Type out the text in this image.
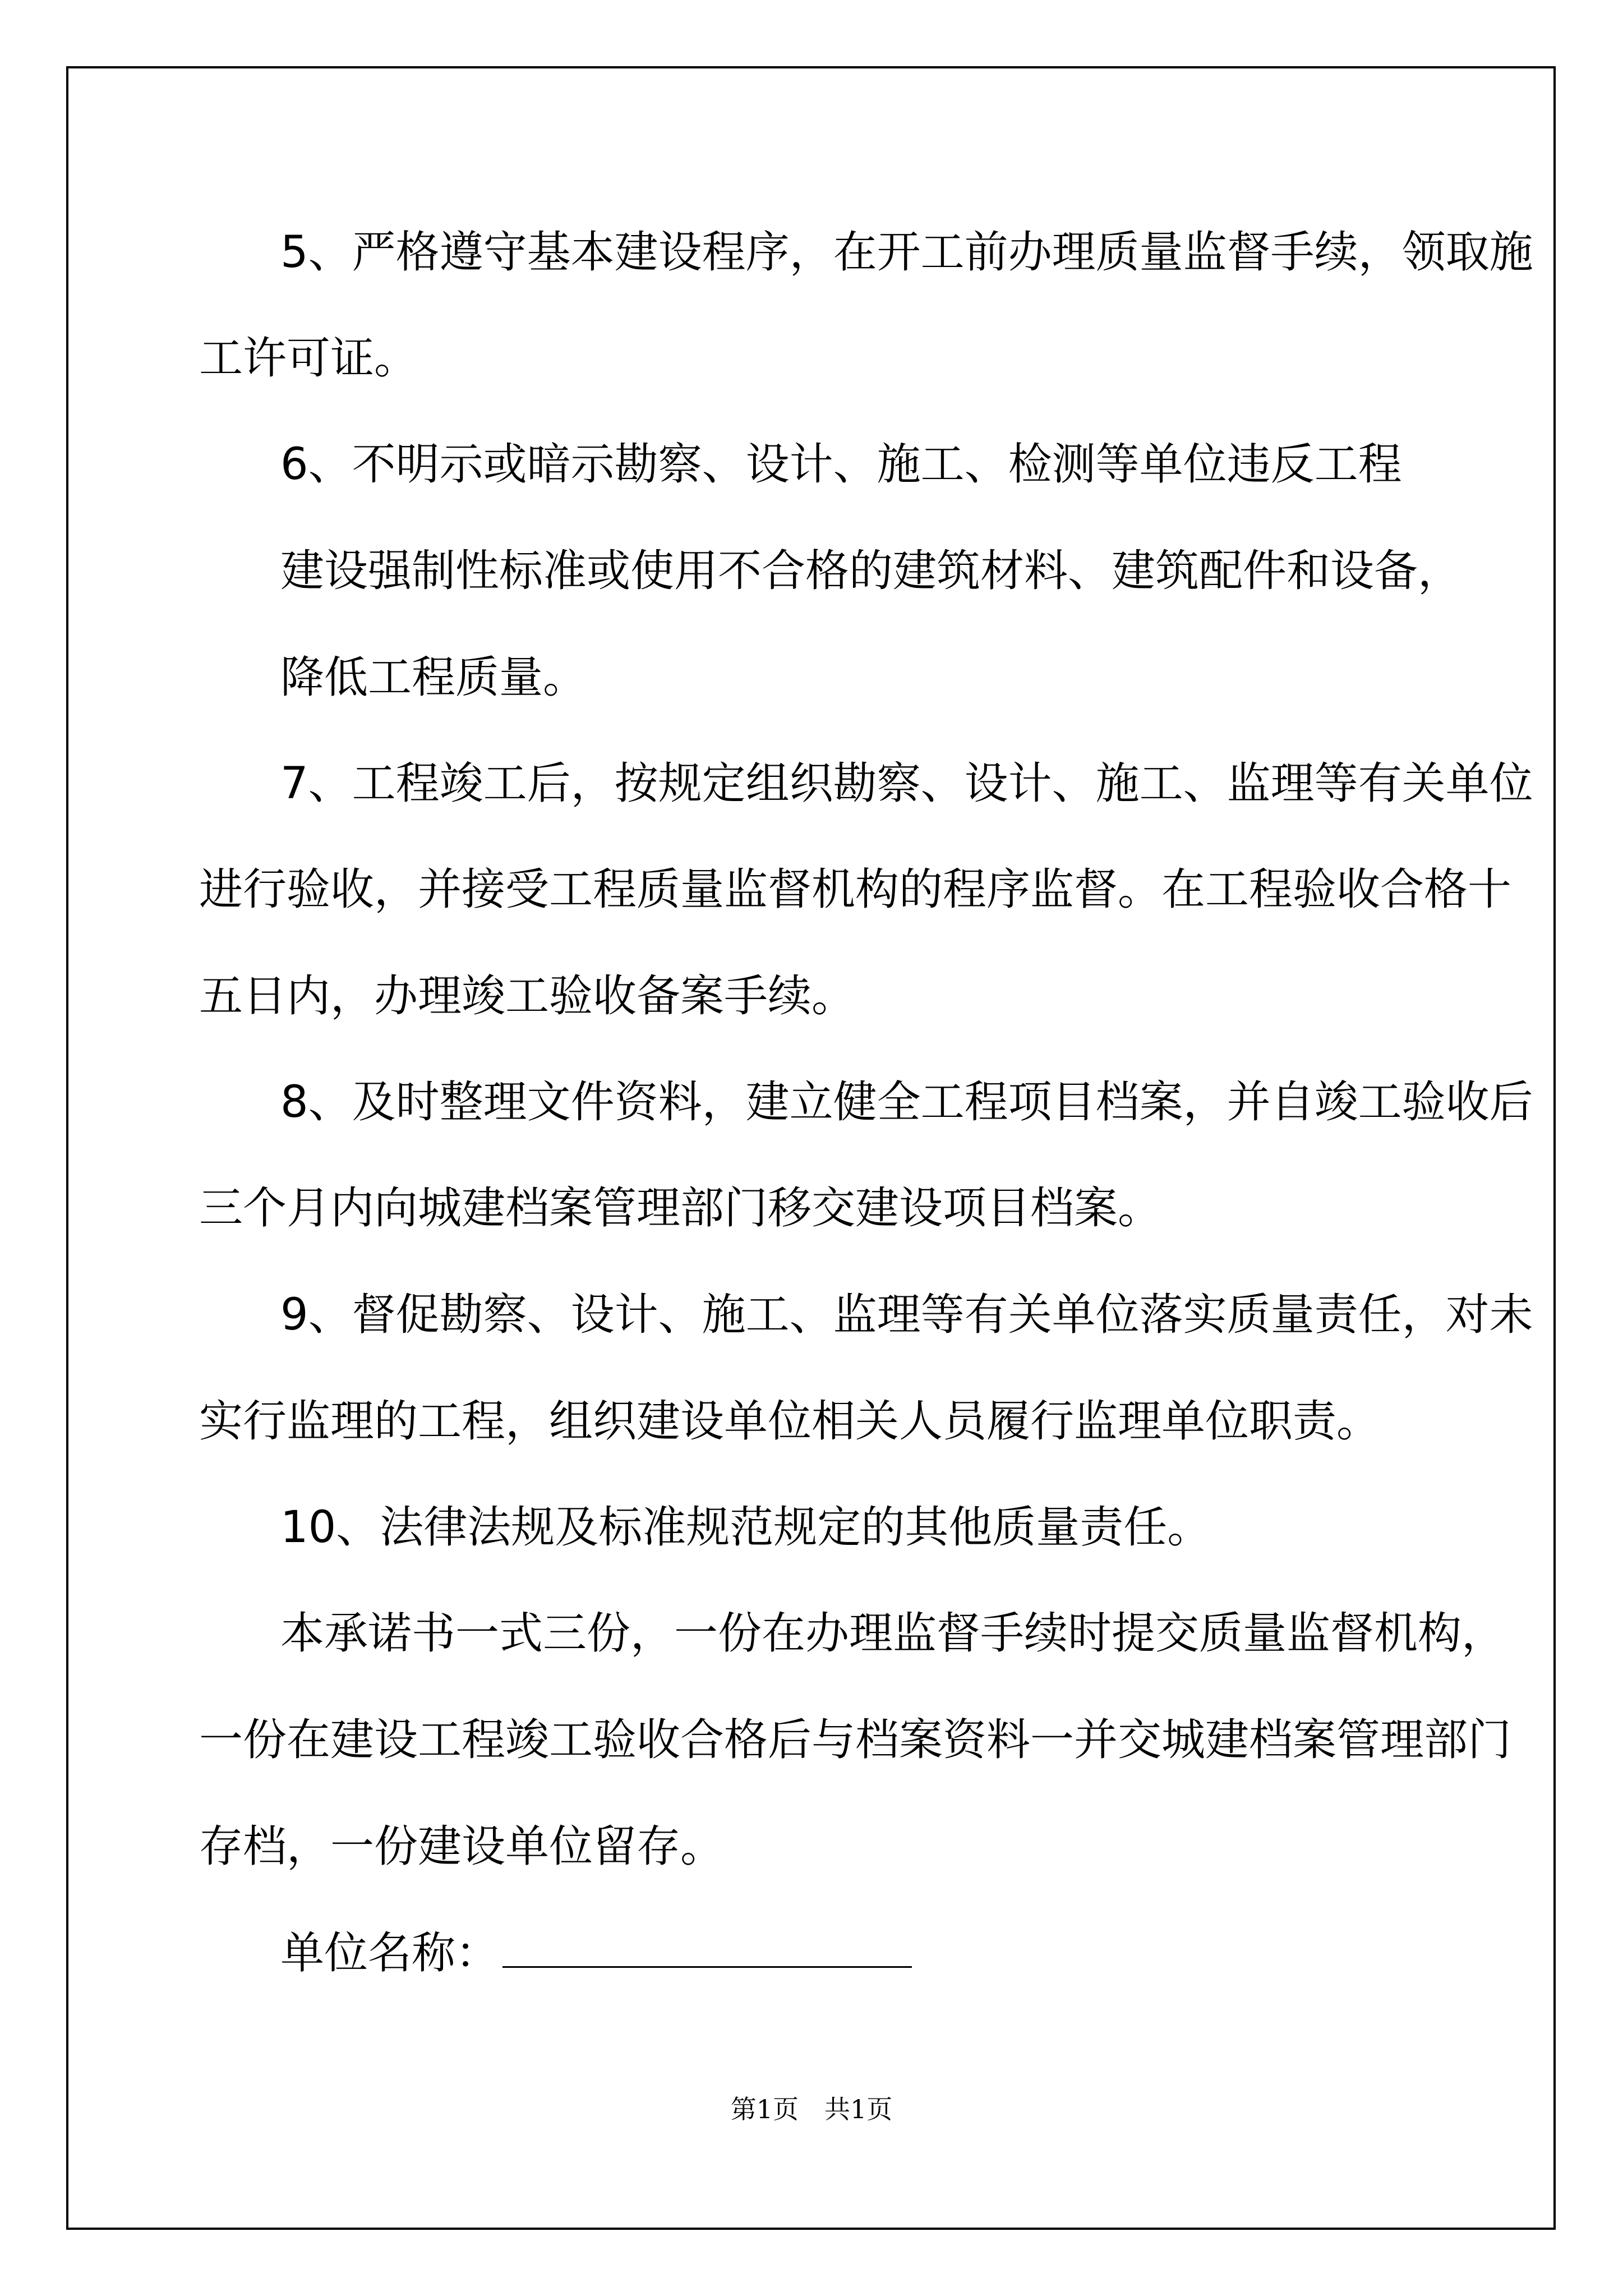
5、严格遵守基本建设程序，在开工前办理质量监督手续，领取施

工许可证。

6、不明示或暗示勘察、设计、施工、检测等单位违反工程

建设强制性标准或使用不合格的建筑材料、建筑配件和设备，

降低工程质量。

7、工程竣工后，按规定组织勘察、设计、施工、监理等有关单位

进行验收，并接受工程质量监督机构的程序监督。在工程验收合格十

五日内，办理竣工验收备案手续。

8、及时整理文件资料，建立健全工程项目档案，并自竣工验收后

三个月内向城建档案管理部门移交建设项目档案。

9、督促勘察、设计、施工、监理等有关单位落实质量责任，对未

实行监理的工程，组织建设单位相关人员履行监理单位职责。

10、法律法规及标准规范规定的其他质量责任。

本承诺书一式三份，一份在办理监督手续时提交质量监督机构，

一份在建设工程竣工验收合格后与档案资料一并交城建档案管理部门

存档，一份建设单位留存。

单位名称：

第1页　共1页
